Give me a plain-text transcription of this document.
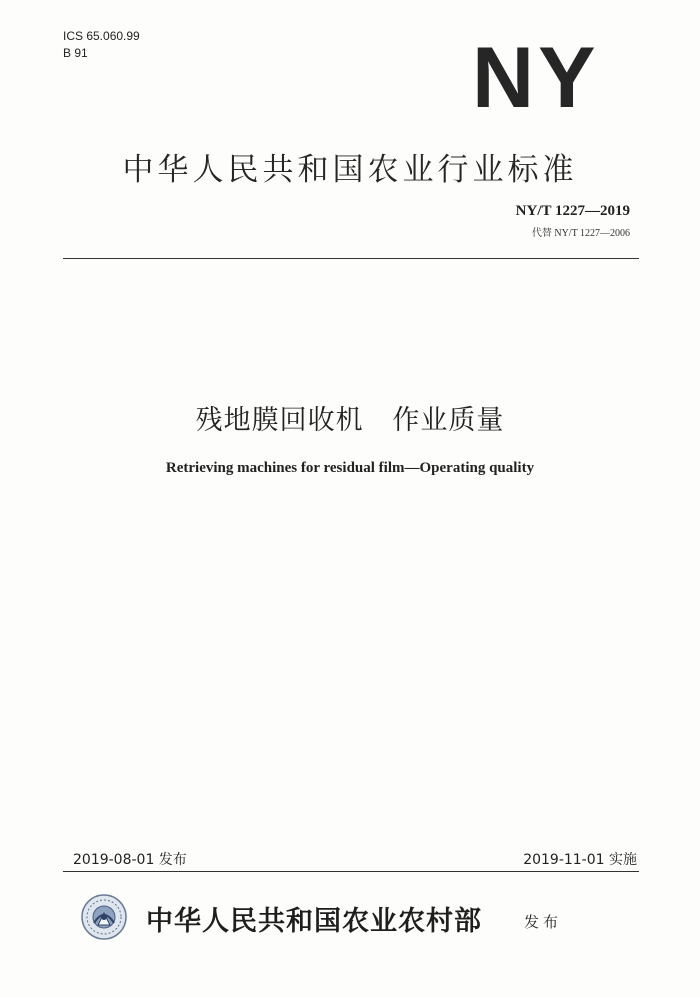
ICS 65.060.99
B 91	NY
中华人民共和国农业行业标准
NY/T 1227—2019
代替 NY/T 1227—2006
残地膜回收机   作业质量
Retrieving machines for residual film—Operating quality
2019-08-01 发布	2019-11-01 实施
中华人民共和国农业农村部	发布
